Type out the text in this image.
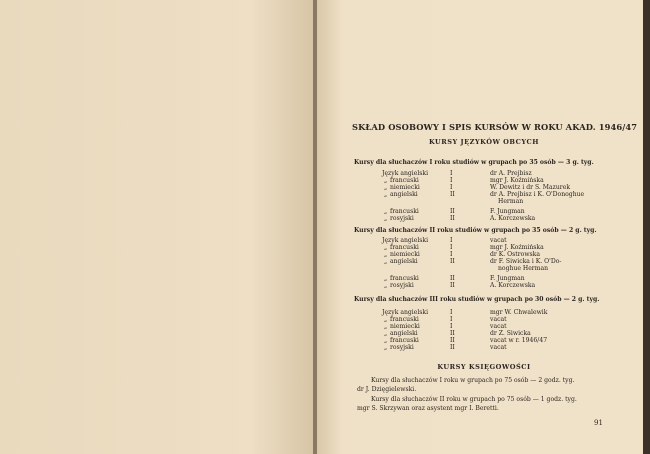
SKŁAD OSOBOWY I SPIS KURSÓW W ROKU AKAD. 1946/47
KURSY JĘZYKÓW OBCYCH
Kursy dla słuchaczów I roku studiów w grupach po 35 osób — 3 g. tyg.
Język angielski	I	dr A. Prejbisz
„ francuski	I	mgr J. Koźmińska
„ niemiecki	I	W. Dewitz i dr S. Mazurek
„ angielski	II	dr A. Prejbisz i K. O'Donoghue
Herman
„ francuski	II	F. Jungman
„ rosyjski	II	A. Korczewska
Kursy dla słuchaczów II roku studiów w grupach po 35 osób — 2 g. tyg.
Język angielski	I	vacat
„ francuski	I	mgr J. Koźmińska
„ niemiecki	I	dr K. Ostrowska
„ angielski	II	dr F. Siwicka i K. O'Do-
noghue Herman
„ francuski	II	F. Jungman
„ rosyjski	II	A. Korczewska
Kursy dla słuchaczów III roku studiów w grupach po 30 osób — 2 g. tyg.
Język angielski	I	mgr W. Chwalewik
„ francuski	I	vacat
„ niemiecki	I	vacat
„ angielski	II	dr Z. Siwicka
„ francuski	II	vacat w r. 1946/47
„ rosyjski	II	vacat
KURSY KSIĘGOWOŚCI
Kursy dla słuchaczów I roku w grupach po 75 osób — 2 godz. tyg.
dr J. Dzięgielewski.
Kursy dla słuchaczów II roku w grupach po 75 osób — 1 godz. tyg.
mgr S. Skrzywan oraz asystent mgr I. Beretti.
91
